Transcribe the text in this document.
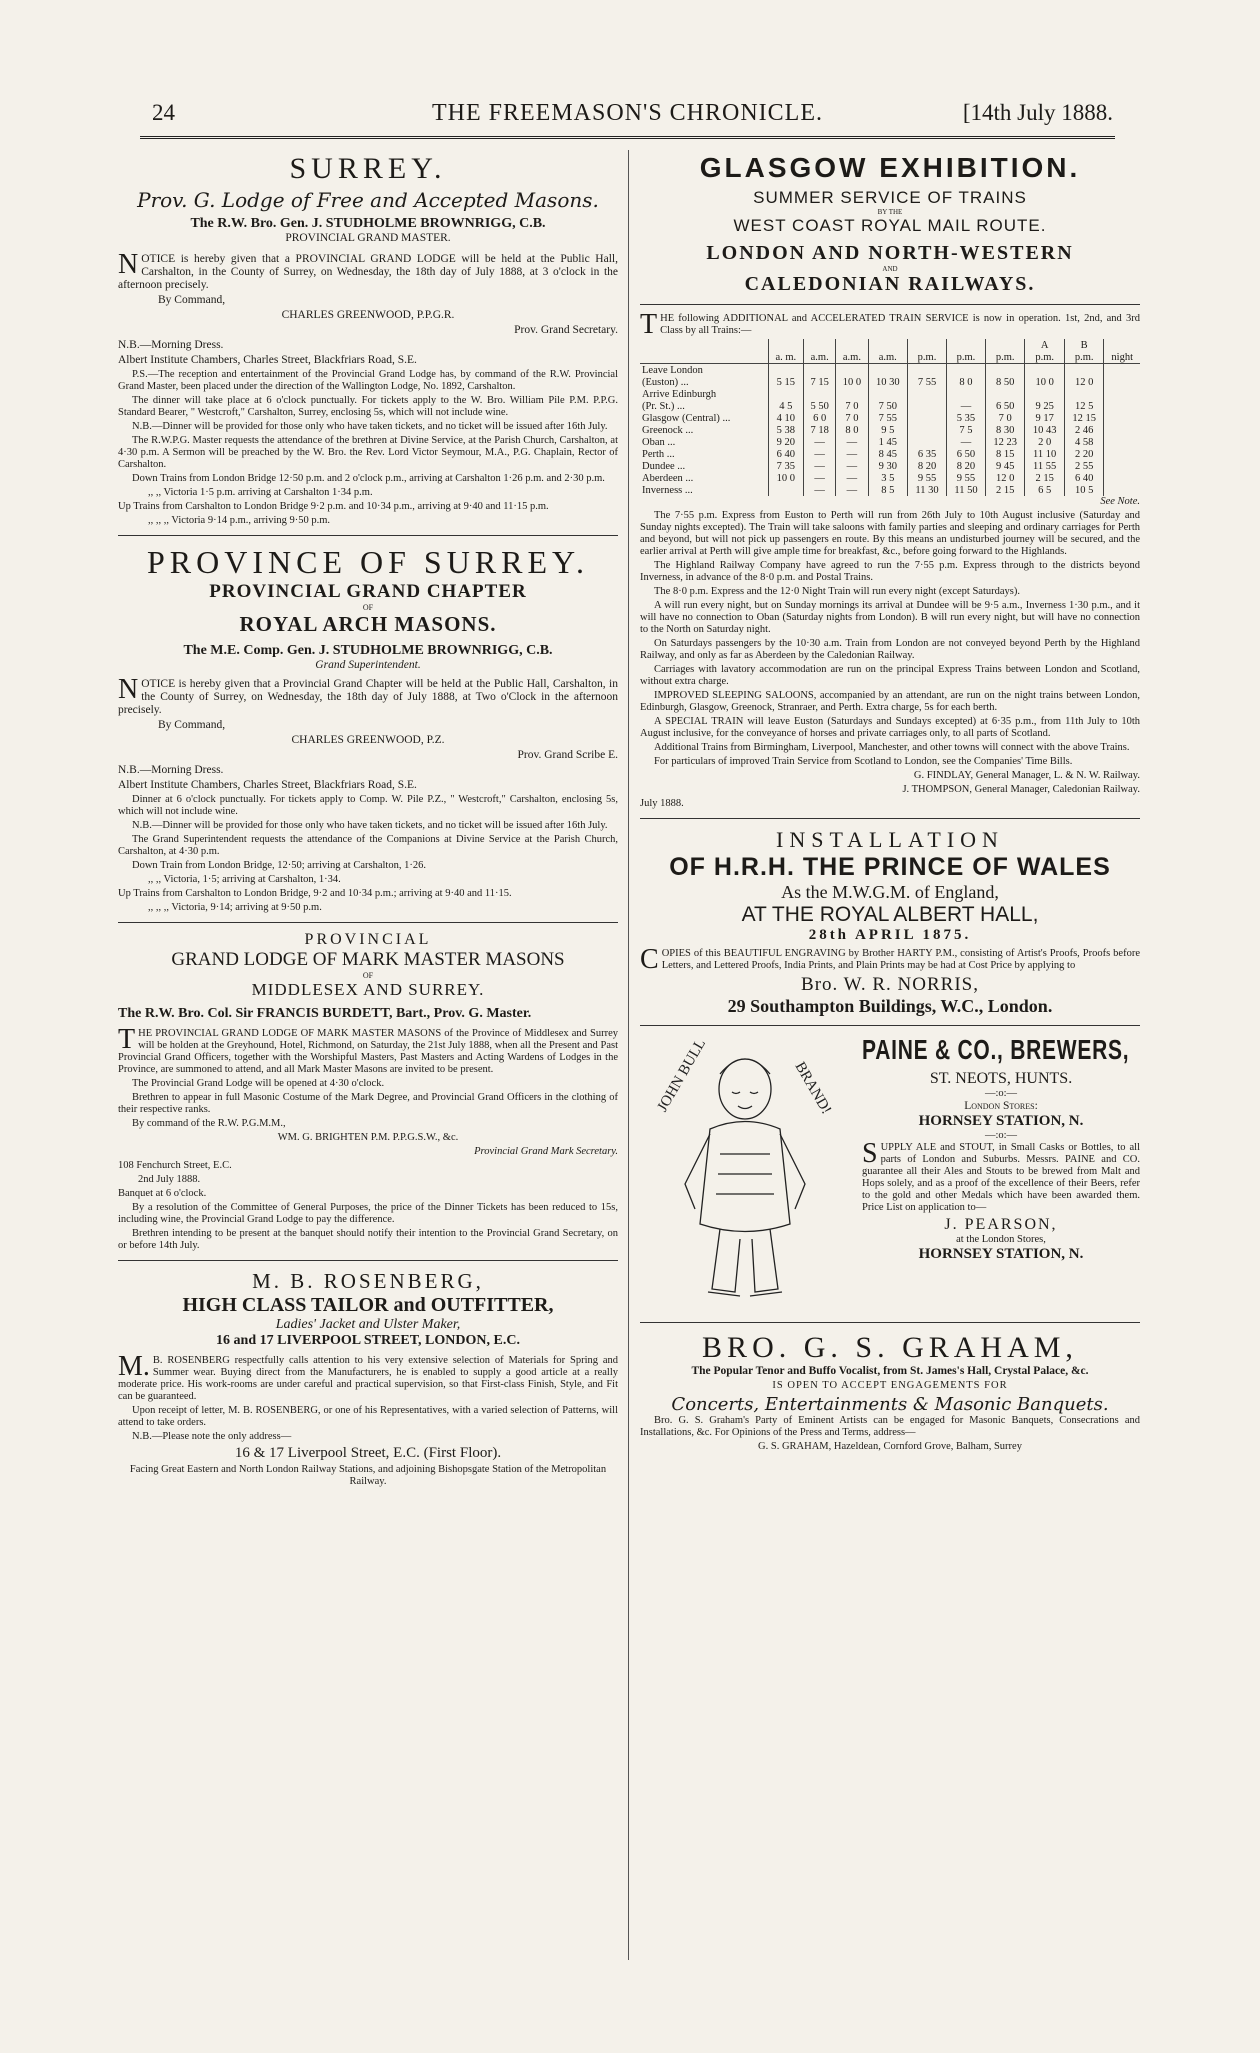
24	THE FREEMASON'S CHRONICLE.	[14th July 1888.
SURREY.
Prov. G. Lodge of Free and Accepted Masons.
The R.W. Bro. Gen. J. STUDHOLME BROWNRIGG, C.B.
PROVINCIAL GRAND MASTER.

NOTICE is hereby given that a PROVINCIAL GRAND LODGE will be held at the Public Hall, Carshalton, in the County of Surrey, on Wednesday, the 18th day of July 1888, at 3 o'clock in the afternoon precisely.

By Command,

CHARLES GREENWOOD, P.P.G.R.

Prov. Grand Secretary.

N.B.—Morning Dress.

Albert Institute Chambers, Charles Street, Blackfriars Road, S.E.

P.S.—The reception and entertainment of the Provincial Grand Lodge has, by command of the R.W. Provincial Grand Master, been placed under the direction of the Wallington Lodge, No. 1892, Carshalton.

The dinner will take place at 6 o'clock punctually. For tickets apply to the W. Bro. William Pile P.M. P.P.G. Standard Bearer, " Westcroft," Carshalton, Surrey, enclosing 5s, which will not include wine.

N.B.—Dinner will be provided for those only who have taken tickets, and no ticket will be issued after 16th July.

The R.W.P.G. Master requests the attendance of the brethren at Divine Service, at the Parish Church, Carshalton, at 4·30 p.m. A Sermon will be preached by the W. Bro. the Rev. Lord Victor Seymour, M.A., P.G. Chaplain, Rector of Carshalton.

Down Trains from London Bridge 12·50 p.m. and 2 o'clock p.m., arriving at Carshalton 1·26 p.m. and 2·30 p.m.

,, ,, Victoria 1·5 p.m. arriving at Carshalton 1·34 p.m.

Up Trains from Carshalton to London Bridge 9·2 p.m. and 10·34 p.m., arriving at 9·40 and 11·15 p.m.

,, ,, ,, Victoria 9·14 p.m., arriving 9·50 p.m.

PROVINCE OF SURREY.
PROVINCIAL GRAND CHAPTER
OF
ROYAL ARCH MASONS.
The M.E. Comp. Gen. J. STUDHOLME BROWNRIGG, C.B.
Grand Superintendent.

NOTICE is hereby given that a Provincial Grand Chapter will be held at the Public Hall, Carshalton, in the County of Surrey, on Wednesday, the 18th day of July 1888, at Two o'Clock in the afternoon precisely.

By Command,

CHARLES GREENWOOD, P.Z.

Prov. Grand Scribe E.

N.B.—Morning Dress.

Albert Institute Chambers, Charles Street, Blackfriars Road, S.E.

Dinner at 6 o'clock punctually. For tickets apply to Comp. W. Pile P.Z., " Westcroft," Carshalton, enclosing 5s, which will not include wine.

N.B.—Dinner will be provided for those only who have taken tickets, and no ticket will be issued after 16th July.

The Grand Superintendent requests the attendance of the Companions at Divine Service at the Parish Church, Carshalton, at 4·30 p.m.

Down Train from London Bridge, 12·50; arriving at Carshalton, 1·26.

,, ,, Victoria, 1·5; arriving at Carshalton, 1·34.

Up Trains from Carshalton to London Bridge, 9·2 and 10·34 p.m.; arriving at 9·40 and 11·15.

,, ,, ,, Victoria, 9·14; arriving at 9·50 p.m.

PROVINCIAL
GRAND LODGE OF MARK MASTER MASONS
OF
MIDDLESEX AND SURREY.
The R.W. Bro. Col. Sir FRANCIS BURDETT, Bart., Prov. G. Master.

THE PROVINCIAL GRAND LODGE OF MARK MASTER MASONS of the Province of Middlesex and Surrey will be holden at the Greyhound, Hotel, Richmond, on Saturday, the 21st July 1888, when all the Present and Past Provincial Grand Officers, together with the Worshipful Masters, Past Masters and Acting Wardens of Lodges in the Province, are summoned to attend, and all Mark Master Masons are invited to be present.

The Provincial Grand Lodge will be opened at 4·30 o'clock.

Brethren to appear in full Masonic Costume of the Mark Degree, and Provincial Grand Officers in the clothing of their respective ranks.

By command of the R.W. P.G.M.M.,

WM. G. BRIGHTEN P.M. P.P.G.S.W., &c.

Provincial Grand Mark Secretary.

108 Fenchurch Street, E.C.

2nd July 1888.

Banquet at 6 o'clock.

By a resolution of the Committee of General Purposes, the price of the Dinner Tickets has been reduced to 15s, including wine, the Provincial Grand Lodge to pay the difference.

Brethren intending to be present at the banquet should notify their intention to the Provincial Grand Secretary, on or before 14th July.

M. B. ROSENBERG,
HIGH CLASS TAILOR and OUTFITTER,
Ladies' Jacket and Ulster Maker,
16 and 17 LIVERPOOL STREET, LONDON, E.C.

M.B. ROSENBERG respectfully calls attention to his very extensive selection of Materials for Spring and Summer wear. Buying direct from the Manufacturers, he is enabled to supply a good article at a really moderate price. His work-rooms are under careful and practical supervision, so that First-class Finish, Style, and Fit can be guaranteed.

Upon receipt of letter, M. B. ROSENBERG, or one of his Representatives, with a varied selection of Patterns, will attend to take orders.

N.B.—Please note the only address—

16 & 17 Liverpool Street, E.C. (First Floor).

Facing Great Eastern and North London Railway Stations, and adjoining Bishopsgate Station of the Metropolitan Railway.

GLASGOW EXHIBITION.
SUMMER SERVICE OF TRAINS
BY THE
WEST COAST ROYAL MAIL ROUTE.
LONDON AND NORTH-WESTERN
AND
CALEDONIAN RAILWAYS.

THE following ADDITIONAL and ACCELERATED TRAIN SERVICE is now in operation. 1st, 2nd, and 3rd Class by all Trains:—

								A	B	
	a. m.	a.m.	a.m.	a.m.	p.m.	p.m.	p.m.	p.m.	p.m.	night
Leave London										
(Euston) ...	5 15	7 15	10 0	10 30	7 55	8 0	8 50	10 0	12 0	
Arrive Edinburgh										
(Pr. St.) ...	4 5	5 50	7 0	7 50		—	6 50	9 25	12 5	
Glasgow (Central) ...	4 10	6 0	7 0	7 55		5 35	7 0	9 17	12 15	
Greenock ...	5 38	7 18	8 0	9 5		7 5	8 30	10 43	2 46	
Oban ...	9 20	—	—	1 45		—	12 23	2 0	4 58	
Perth ...	6 40	—	—	8 45	6 35	6 50	8 15	11 10	2 20	
Dundee ...	7 35	—	—	9 30	8 20	8 20	9 45	11 55	2 55	
Aberdeen ...	10 0	—	—	3 5	9 55	9 55	12 0	2 15	6 40	
Inverness ...		—	—	8 5	11 30	11 50	2 15	6 5	10 5	

See Note.

The 7·55 p.m. Express from Euston to Perth will run from 26th July to 10th August inclusive (Saturday and Sunday nights excepted). The Train will take saloons with family parties and sleeping and ordinary carriages for Perth and beyond, but will not pick up passengers en route. By this means an undisturbed journey will be secured, and the earlier arrival at Perth will give ample time for breakfast, &c., before going forward to the Highlands.

The Highland Railway Company have agreed to run the 7·55 p.m. Express through to the districts beyond Inverness, in advance of the 8·0 p.m. and Postal Trains.

The 8·0 p.m. Express and the 12·0 Night Train will run every night (except Saturdays).

A will run every night, but on Sunday mornings its arrival at Dundee will be 9·5 a.m., Inverness 1·30 p.m., and it will have no connection to Oban (Saturday nights from London). B will run every night, but will have no connection to the North on Saturday night.

On Saturdays passengers by the 10·30 a.m. Train from London are not conveyed beyond Perth by the Highland Railway, and only as far as Aberdeen by the Caledonian Railway.

Carriages with lavatory accommodation are run on the principal Express Trains between London and Scotland, without extra charge.

IMPROVED SLEEPING SALOONS, accompanied by an attendant, are run on the night trains between London, Edinburgh, Glasgow, Greenock, Stranraer, and Perth. Extra charge, 5s for each berth.

A SPECIAL TRAIN will leave Euston (Saturdays and Sundays excepted) at 6·35 p.m., from 11th July to 10th August inclusive, for the conveyance of horses and private carriages only, to all parts of Scotland.

Additional Trains from Birmingham, Liverpool, Manchester, and other towns will connect with the above Trains.

For particulars of improved Train Service from Scotland to London, see the Companies' Time Bills.

G. FINDLAY, General Manager, L. & N. W. Railway.

J. THOMPSON, General Manager, Caledonian Railway.

July 1888.

INSTALLATION
OF H.R.H. THE PRINCE OF WALES
As the M.W.G.M. of England,
AT THE ROYAL ALBERT HALL,
28th APRIL 1875.

COPIES of this BEAUTIFUL ENGRAVING by Brother HARTY P.M., consisting of Artist's Proofs, Proofs before Letters, and Lettered Proofs, India Prints, and Plain Prints may be had at Cost Price by applying to

Bro. W. R. NORRIS,
29 Southampton Buildings, W.C., London.
JOHN BULL	BRAND!
PAINE & CO., BREWERS,
ST. NEOTS, HUNTS.
—:o:—
London Stores:
HORNSEY STATION, N.
—:o:—

SUPPLY ALE and STOUT, in Small Casks or Bottles, to all parts of London and Suburbs. Messrs. PAINE and CO. guarantee all their Ales and Stouts to be brewed from Malt and Hops solely, and as a proof of the excellence of their Beers, refer to the gold and other Medals which have been awarded them. Price List on application to—

J. PEARSON,
at the London Stores,
HORNSEY STATION, N.
BRO. G. S. GRAHAM,
The Popular Tenor and Buffo Vocalist, from St. James's Hall, Crystal Palace, &c.
IS OPEN TO ACCEPT ENGAGEMENTS FOR
Concerts, Entertainments & Masonic Banquets.

Bro. G. S. Graham's Party of Eminent Artists can be engaged for Masonic Banquets, Consecrations and Installations, &c. For Opinions of the Press and Terms, address—

G. S. GRAHAM, Hazeldean, Cornford Grove, Balham, Surrey
